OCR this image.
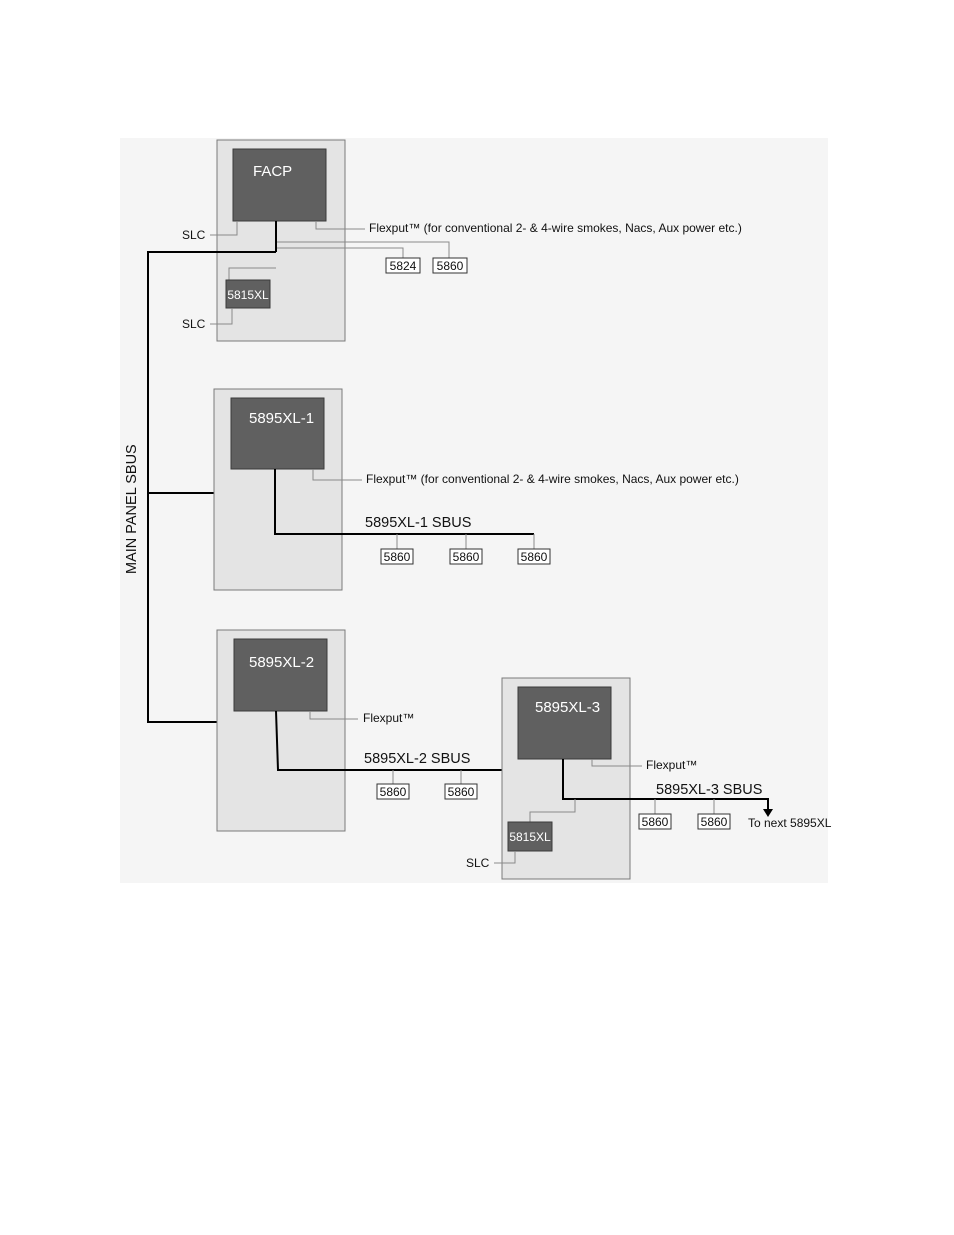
FACP
SLC	Flexput™ (for conventional 2- & 4-wire smokes, Nacs, Aux power etc.)
5824 5860
5815XL
SLC
MAIN PANEL SBUS
5895XL-1
Flexput™ (for conventional 2- & 4-wire smokes, Nacs, Aux power etc.)
5895XL-1 SBUS
5860	5860	5860
5895XL-2
Flexput™
5895XL-2 SBUS
5860	5860
5895XL-3
Flexput™
5895XL-3 SBUS
5860	5860 To next 5895XL
5815XL
SLC
